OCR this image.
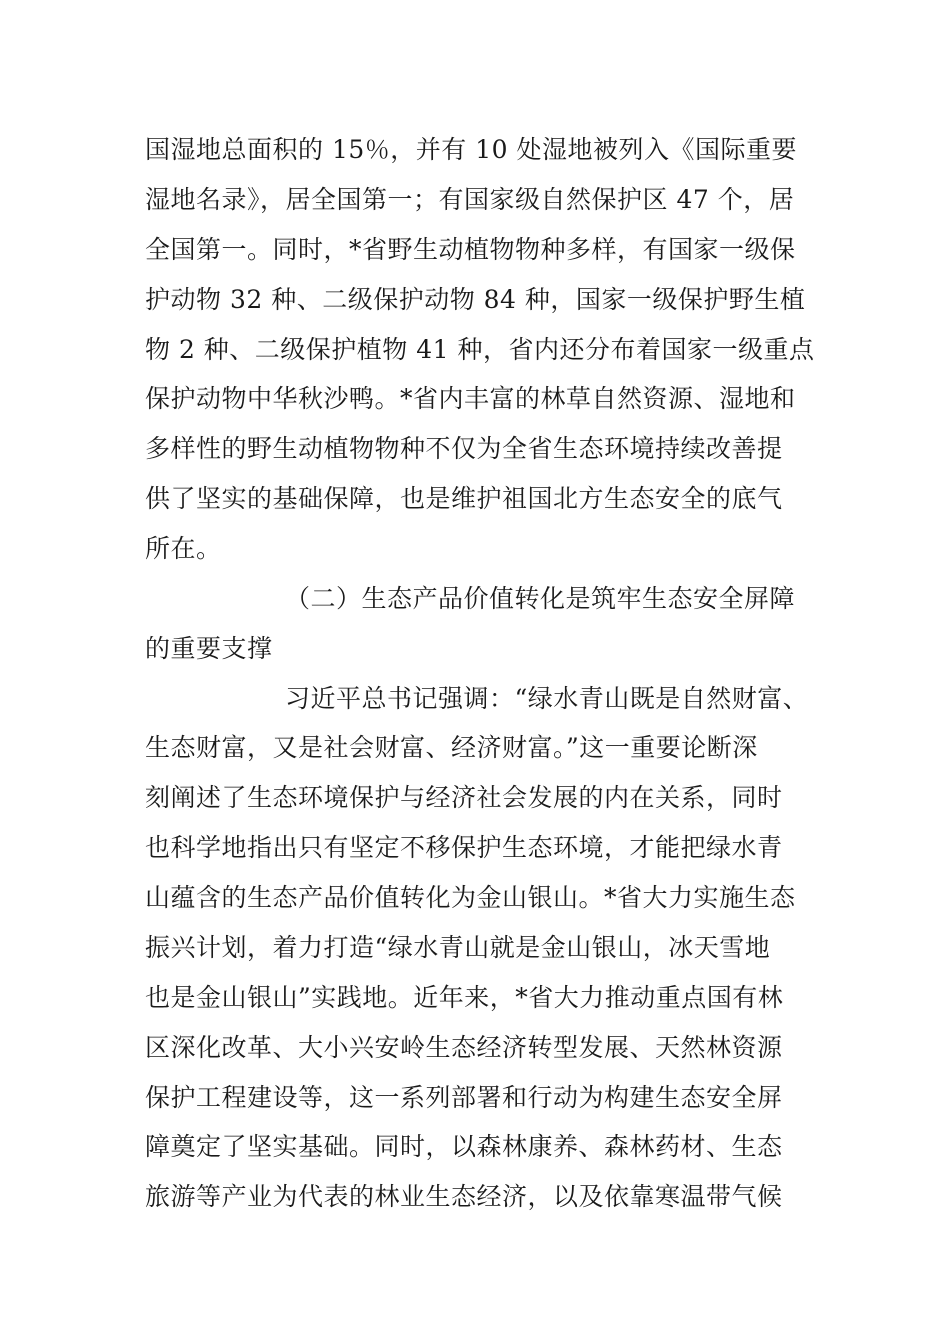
国湿地总面积的 15％，并有 10 处湿地被列入《国际重要
湿地名录》，居全国第一；有国家级自然保护区 47 个，居
全国第一。同时，*省野生动植物物种多样，有国家一级保
护动物 32 种、二级保护动物 84 种，国家一级保护野生植
物 2 种、二级保护植物 41 种，省内还分布着国家一级重点
保护动物中华秋沙鸭。*省内丰富的林草自然资源、湿地和
多样性的野生动植物物种不仅为全省生态环境持续改善提
供了坚实的基础保障，也是维护祖国北方生态安全的底气
所在。
（二）生态产品价值转化是筑牢生态安全屏障
的重要支撑
习近平总书记强调：“绿水青山既是自然财富、
生态财富，又是社会财富、经济财富。”这一重要论断深
刻阐述了生态环境保护与经济社会发展的内在关系，同时
也科学地指出只有坚定不移保护生态环境，才能把绿水青
山蕴含的生态产品价值转化为金山银山。*省大力实施生态
振兴计划，着力打造“绿水青山就是金山银山，冰天雪地
也是金山银山”实践地。近年来，*省大力推动重点国有林
区深化改革、大小兴安岭生态经济转型发展、天然林资源
保护工程建设等，这一系列部署和行动为构建生态安全屏
障奠定了坚实基础。同时，以森林康养、森林药材、生态
旅游等产业为代表的林业生态经济，以及依靠寒温带气候
